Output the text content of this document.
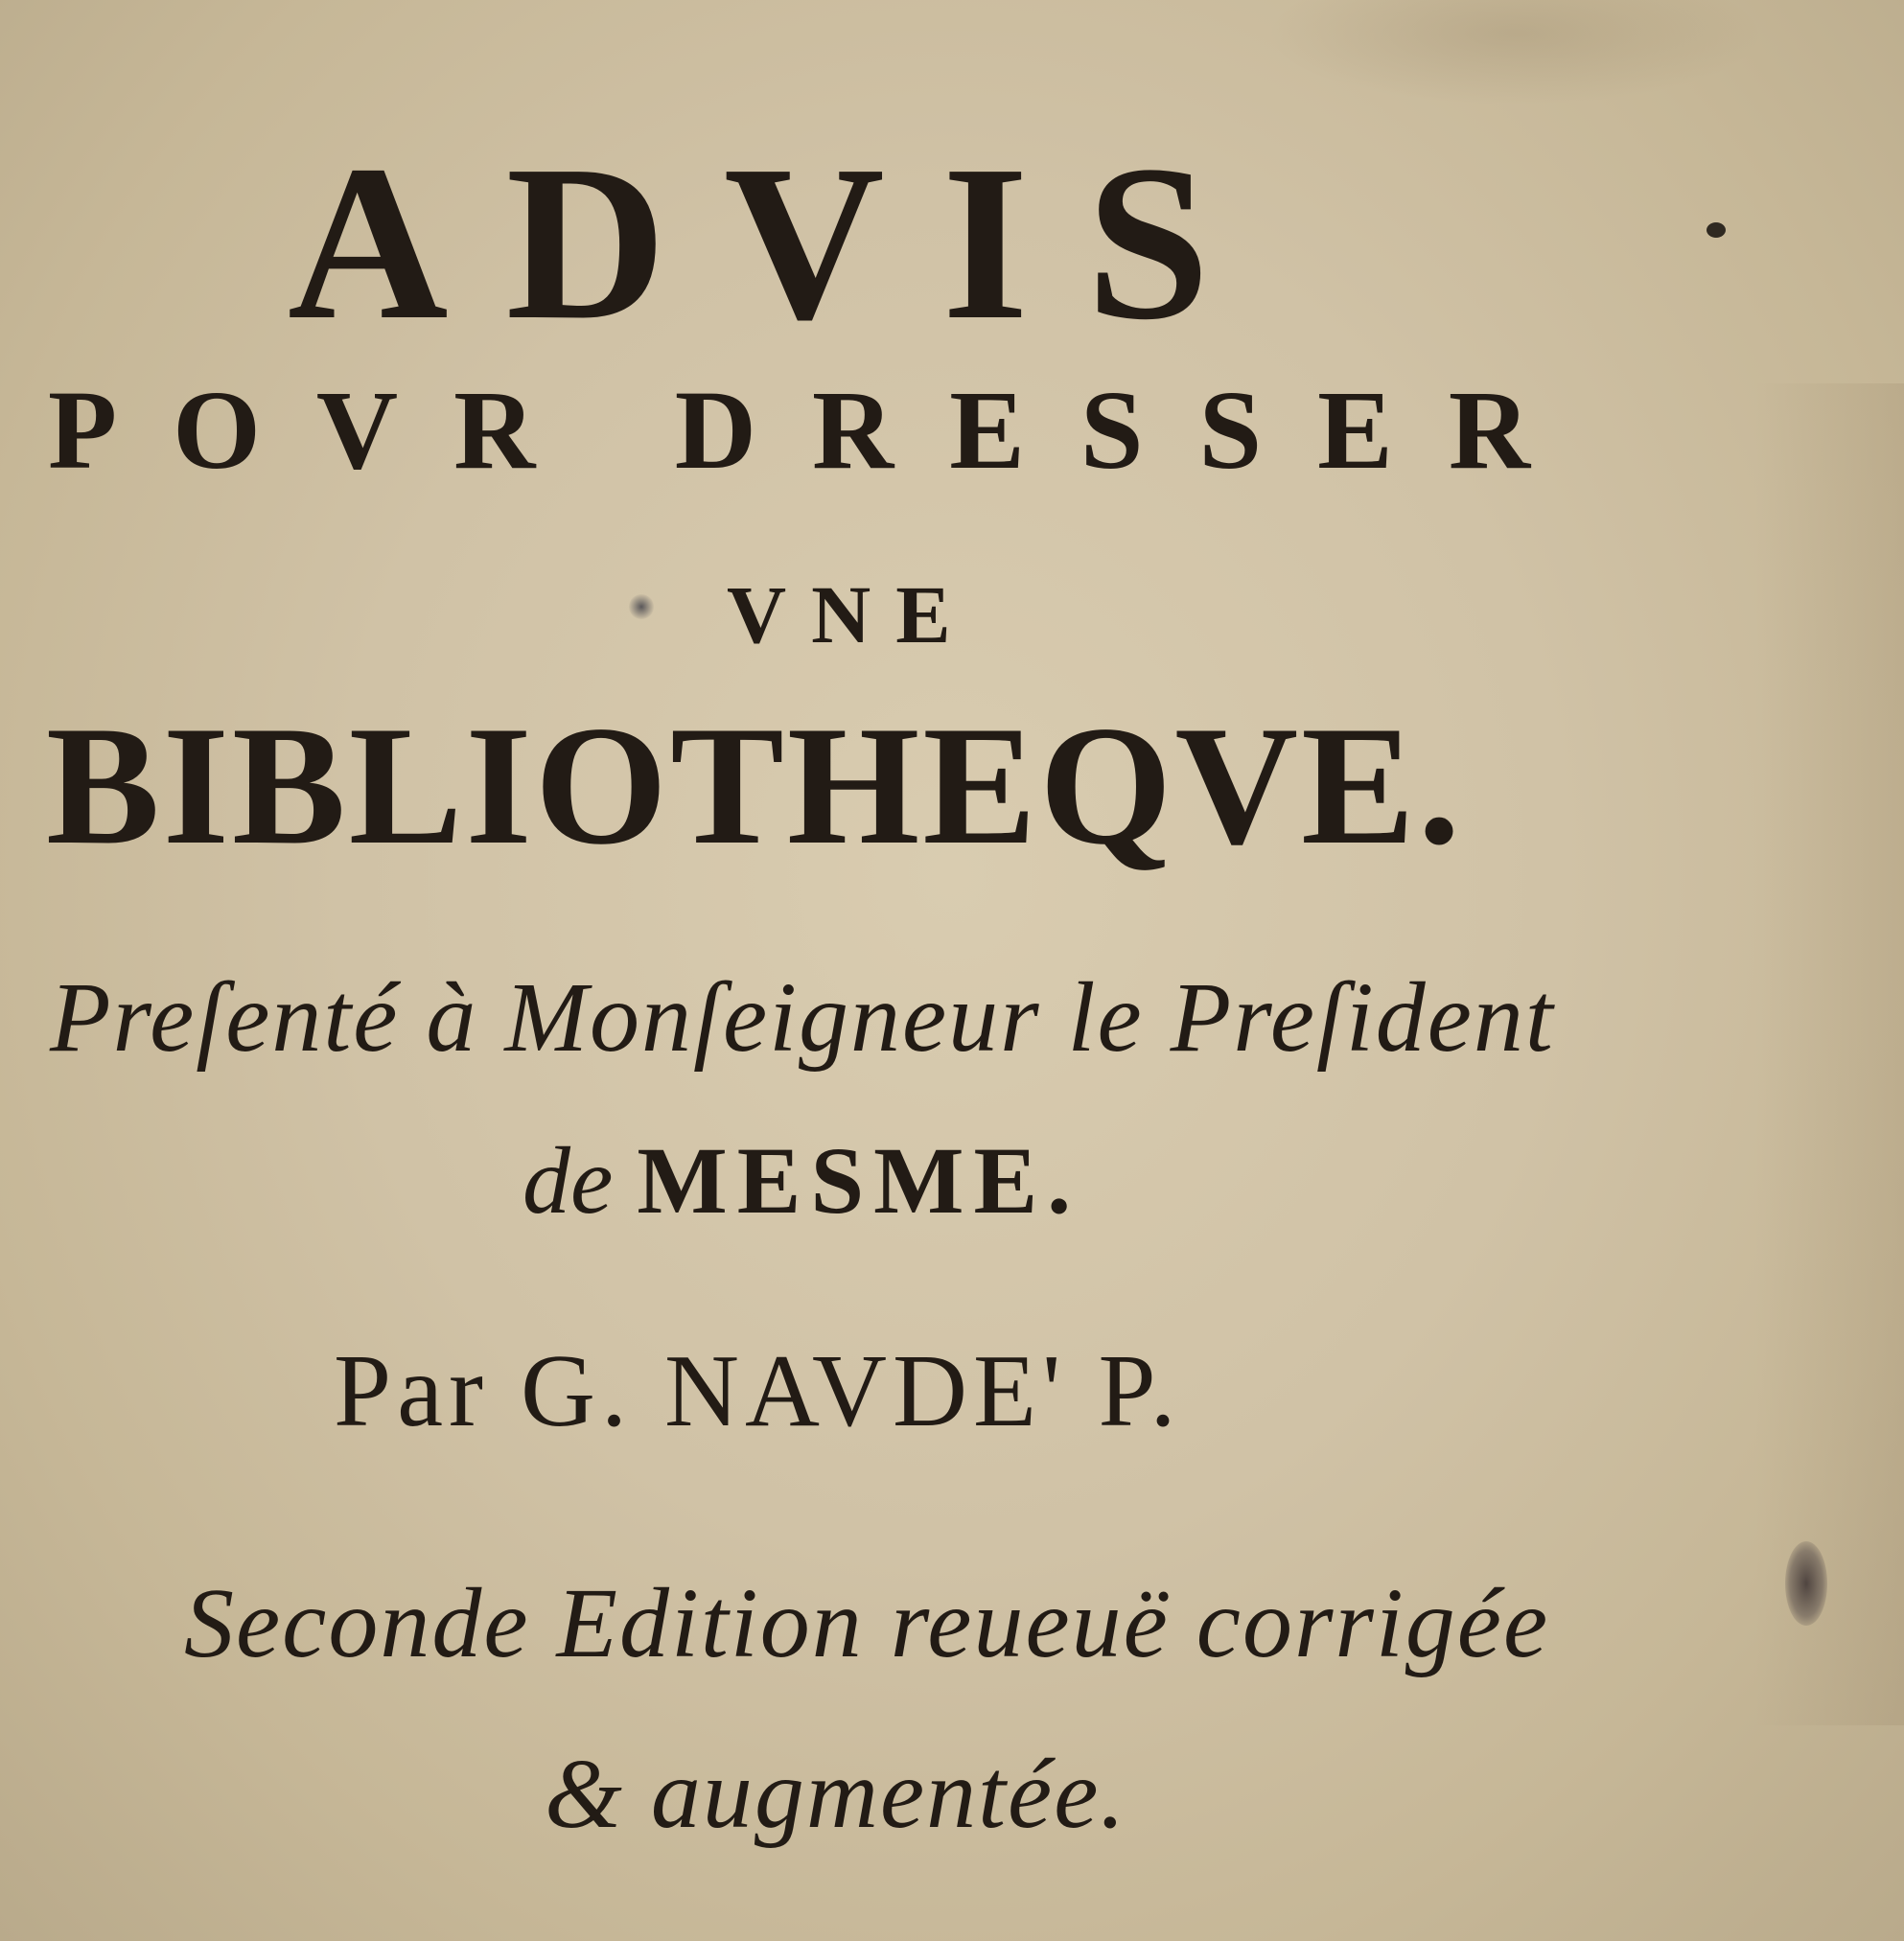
ADVIS
POVR DRESSER
VNE
BIBLIOTHEQVE.
Preſenté à Monſeigneur le Preſident
de MESME.
Par G. NAVDE' P.
Seconde Edition reueuë corrigée
& augmentée.
